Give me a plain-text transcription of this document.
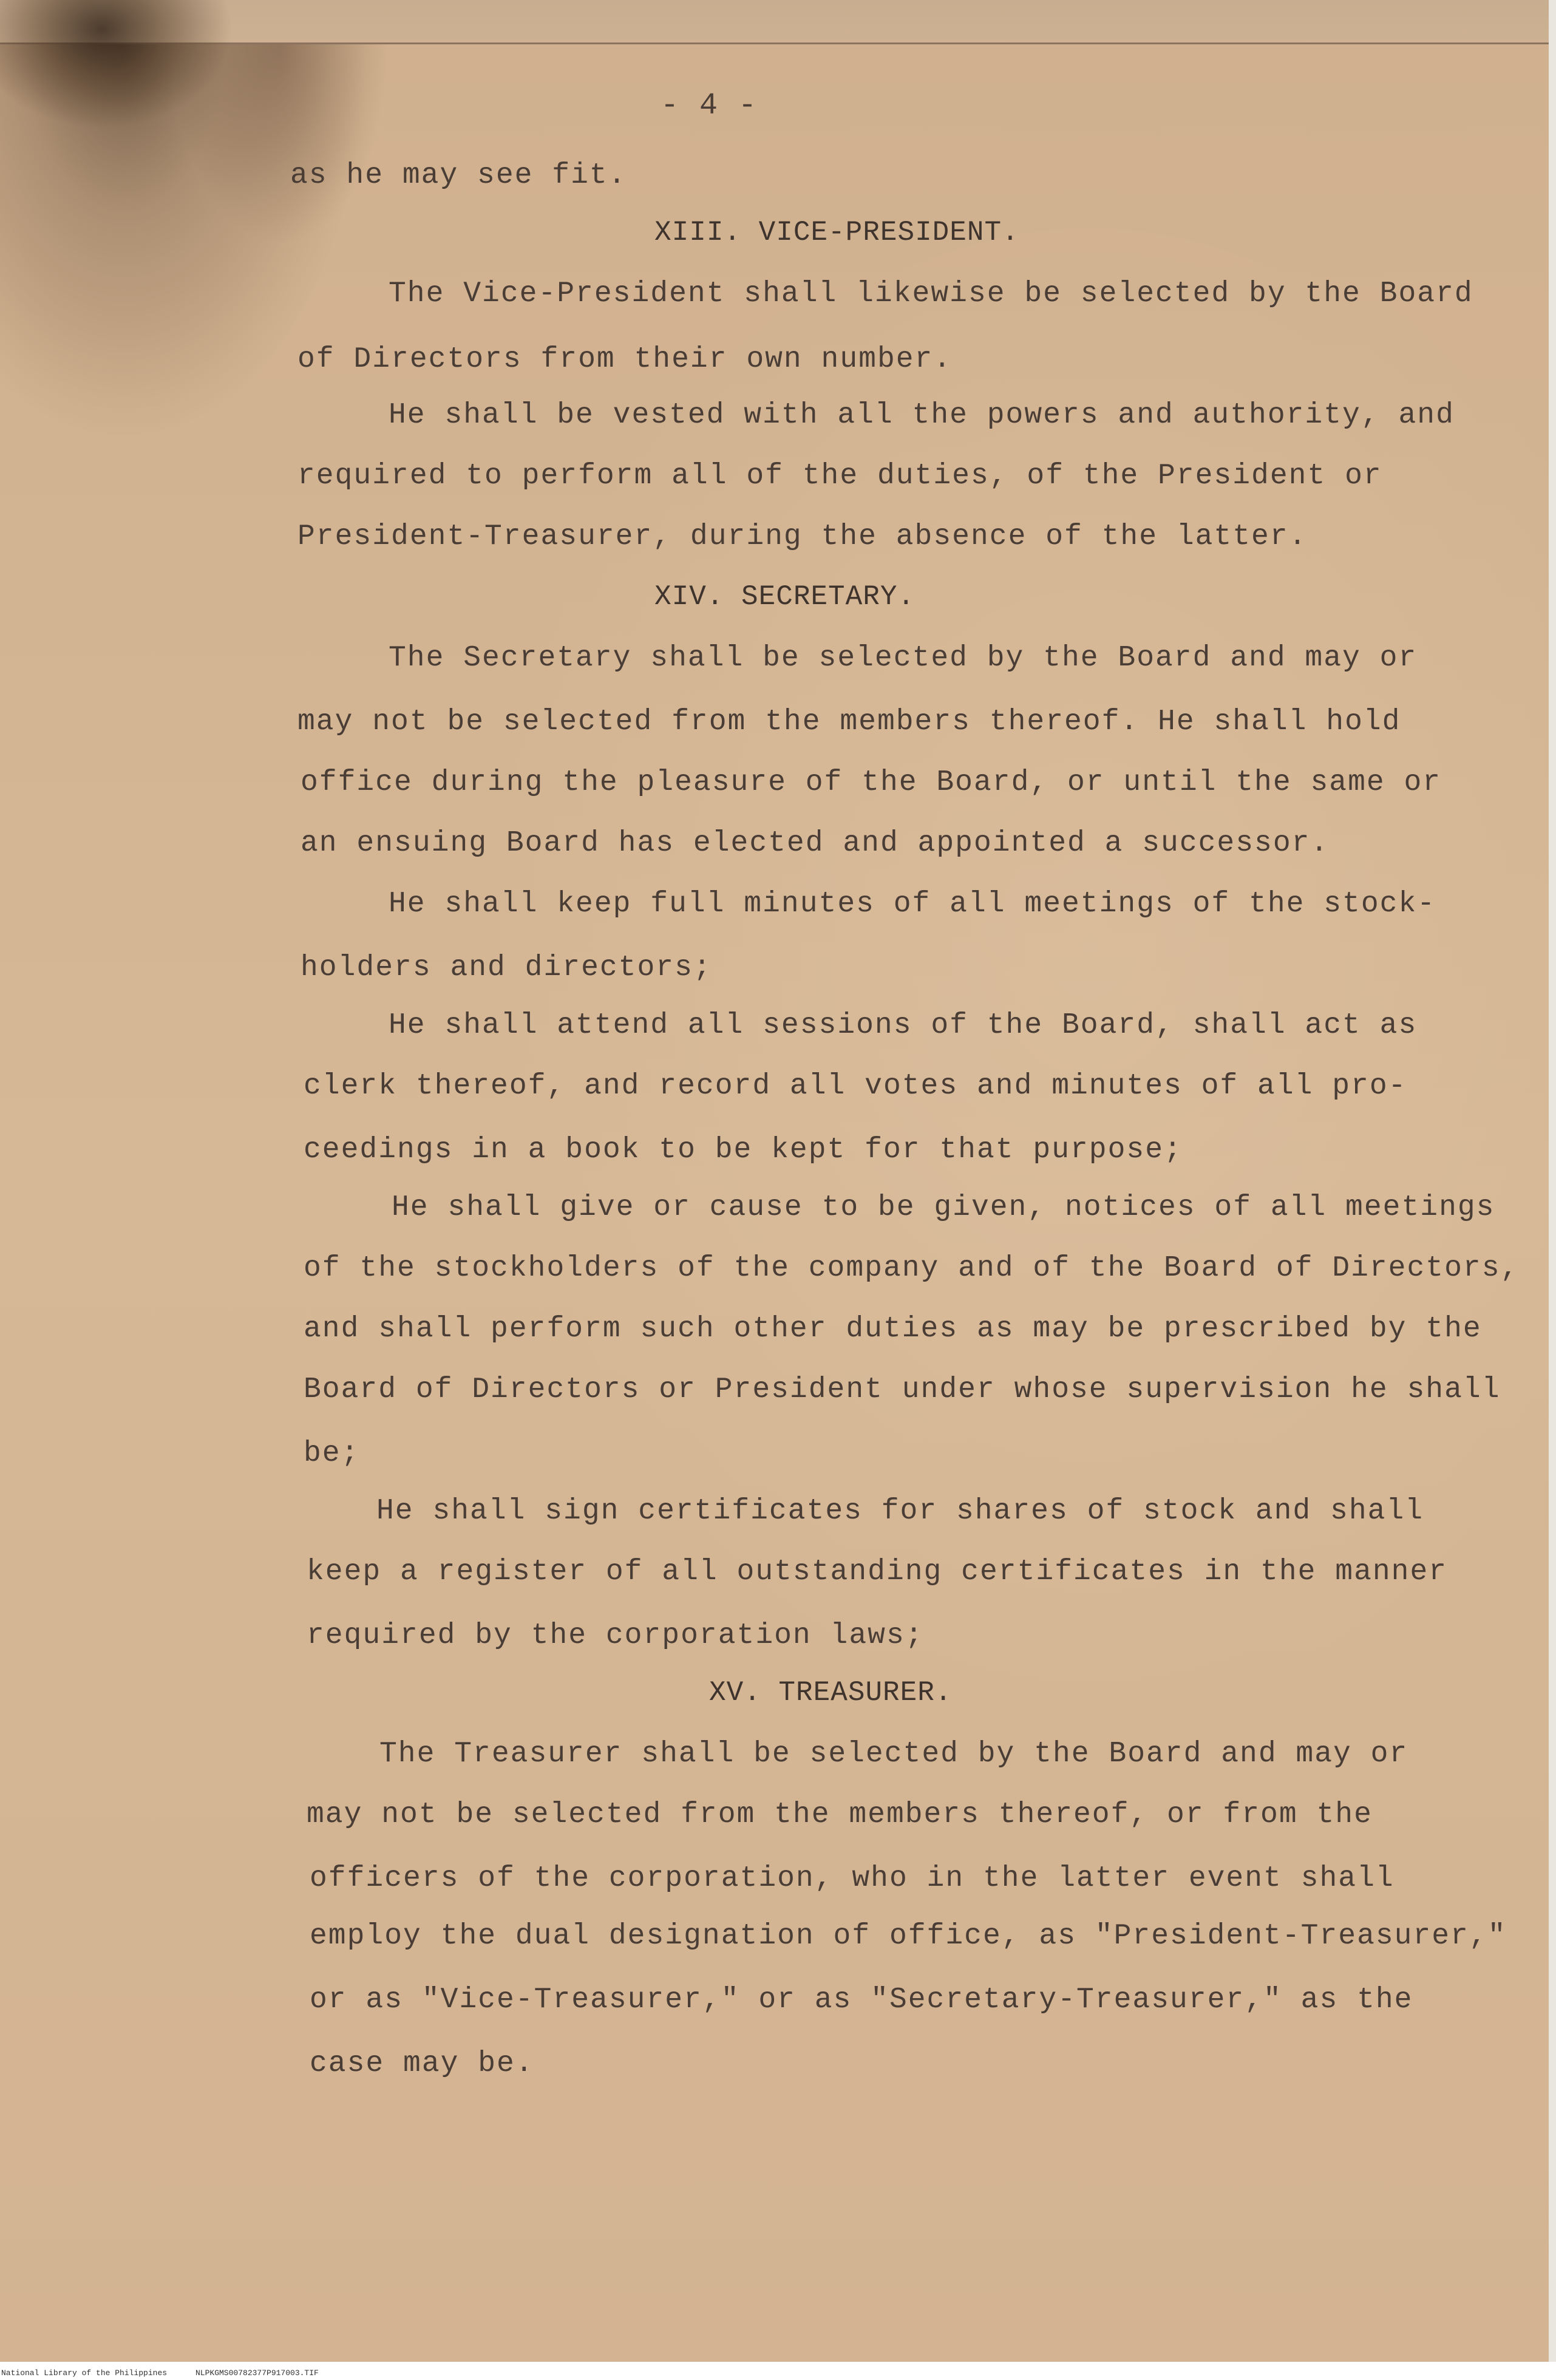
- 4 -
as he may see fit.
XIII. VICE-PRESIDENT.
The Vice-President shall likewise be selected by the Board
of Directors from their own number.
He shall be vested with all the powers and authority, and
required to perform all of the duties, of the President or
President-Treasurer, during the absence of the latter.
XIV. SECRETARY.
The Secretary shall be selected by the Board and may or
may not be selected from the members thereof. He shall hold
office during the pleasure of the Board, or until the same or
an ensuing Board has elected and appointed a successor.
He shall keep full minutes of all meetings of the stock-
holders and directors;
He shall attend all sessions of the Board, shall act as
clerk thereof, and record all votes and minutes of all pro-
ceedings in a book to be kept for that purpose;
He shall give or cause to be given, notices of all meetings
of the stockholders of the company and of the Board of Directors,
and shall perform such other duties as may be prescribed by the
Board of Directors or President under whose supervision he shall
be;
He shall sign certificates for shares of stock and shall
keep a register of all outstanding certificates in the manner
required by the corporation laws;
XV. TREASURER.
The Treasurer shall be selected by the Board and may or
may not be selected from the members thereof, or from the
officers of the corporation, who in the latter event shall
employ the dual designation of office, as "President-Treasurer,"
or as "Vice-Treasurer," or as "Secretary-Treasurer," as the
case may be.
National Library of the Philippines	NLPKGMS00782377P917003.TIF
